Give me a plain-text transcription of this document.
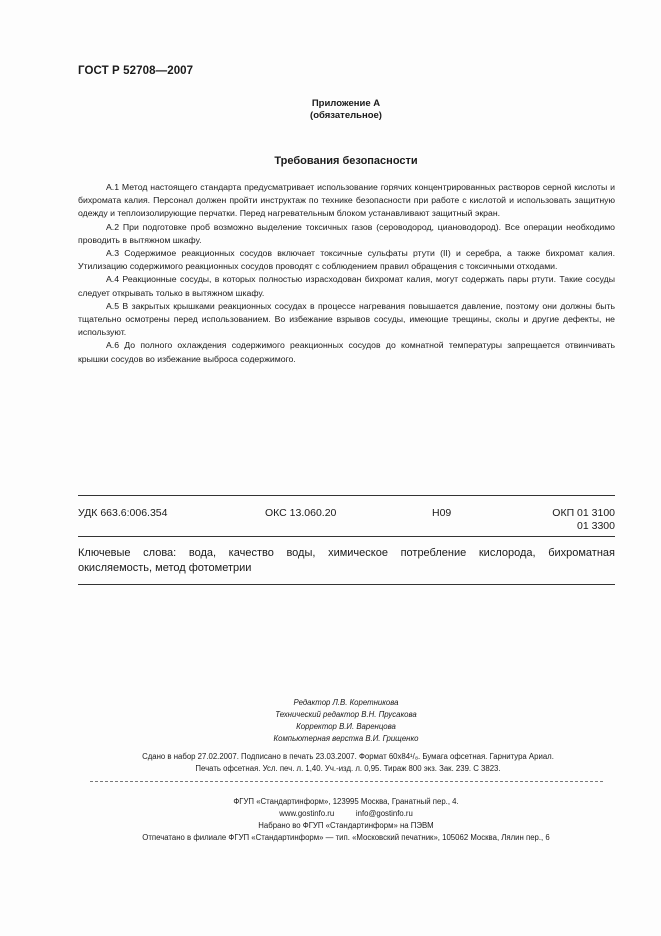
ГОСТ Р 52708—2007
Приложение А
(обязательное)
Требования безопасности

А.1 Метод настоящего стандарта предусматривает использование горячих концентрированных растворов серной кислоты и бихромата калия. Персонал должен пройти инструктаж по технике безопасности при работе с кислотой и использовать защитную одежду и теплоизолирующие перчатки. Перед нагревательным блоком устанавливают защитный экран.

А.2 При подготовке проб возможно выделение токсичных газов (сероводород, циановодород). Все операции необходимо проводить в вытяжном шкафу.

А.3 Содержимое реакционных сосудов включает токсичные сульфаты ртути (II) и серебра, а также бихромат калия. Утилизацию содержимого реакционных сосудов проводят с соблюдением правил обращения с токсичными отходами.

А.4 Реакционные сосуды, в которых полностью израсходован бихромат калия, могут содержать пары ртути. Такие сосуды следует открывать только в вытяжном шкафу.

А.5 В закрытых крышками реакционных сосудах в процессе нагревания повышается давление, поэтому они должны быть тщательно осмотрены перед использованием. Во избежание взрывов сосуды, имеющие трещины, сколы и другие дефекты, не используют.

А.6 До полного охлаждения содержимого реакционных сосудов до комнатной температуры запрещается отвинчивать крышки сосудов во избежание выброса содержимого.

УДК 663.6:006.354	ОКС 13.060.20	Н09	ОКП 01 3100
01 3300
Ключевые слова: вода, качество воды, химическое потребление кислорода, бихроматная окисляемость, метод фотометрии
Редактор Л.В. Коретникова
Технический редактор В.Н. Прусакова
Корректор В.И. Варенцова
Компьютерная верстка В.И. Грищенко
Сдано в набор 27.02.2007. Подписано в печать 23.03.2007. Формат 60x84¹/₈. Бумага офсетная. Гарнитура Ариал.
Печать офсетная. Усл. печ. л. 1,40. Уч.-изд. л. 0,95. Тираж 800 экз. Зак. 239. С 3823.
ФГУП «Стандартинформ», 123995 Москва, Гранатный пер., 4.
www.gostinfo.ru          info@gostinfo.ru
Набрано во ФГУП «Стандартинформ» на ПЭВМ
Отпечатано в филиале ФГУП «Стандартинформ» — тип. «Московский печатник», 105062 Москва, Лялин пер., 6
